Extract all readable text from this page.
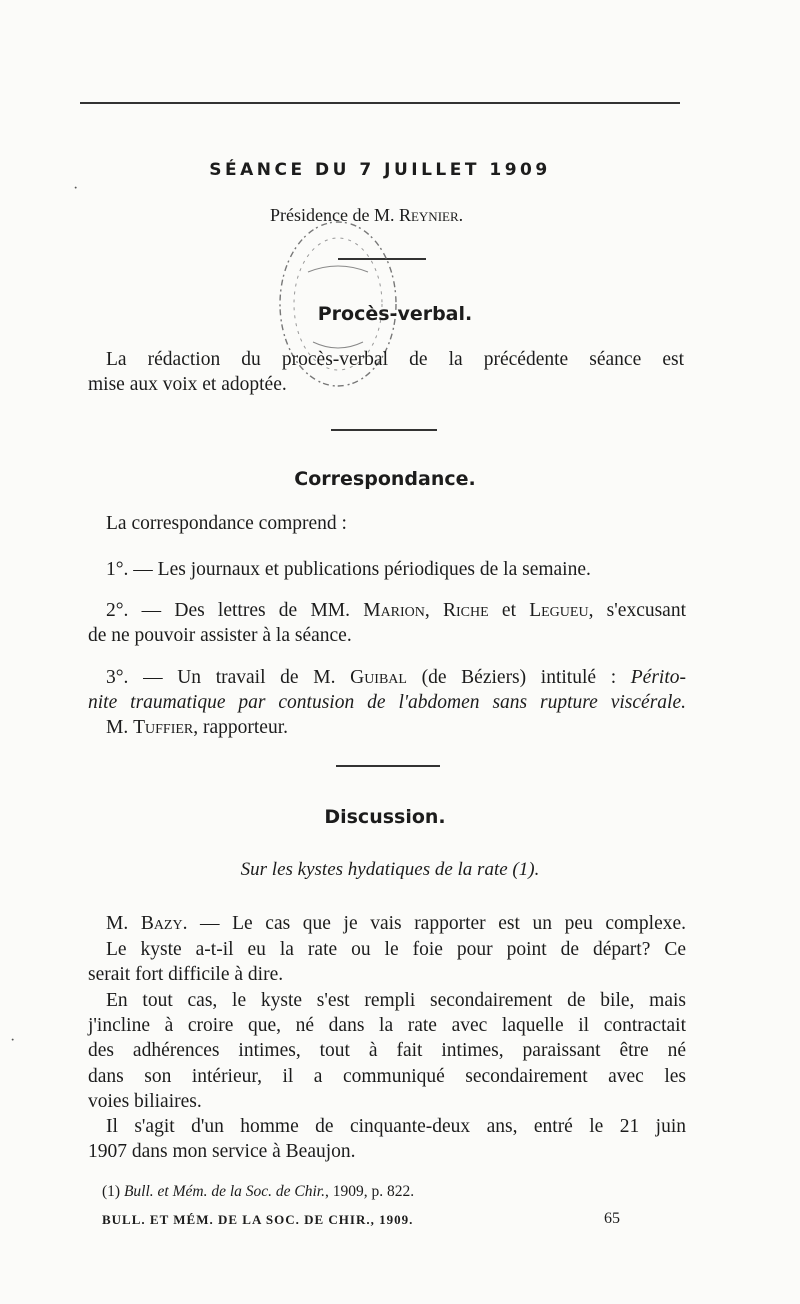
SÉANCE DU 7 JUILLET 1909
Présidence de M. Reynier.
Procès-verbal.
La rédaction du procès-verbal de la précédente séance est
mise aux voix et adoptée.
Correspondance.
La correspondance comprend :
1°. — Les journaux et publications périodiques de la semaine.
2°. — Des lettres de MM. Marion, Riche et Legueu, s'excusant
de ne pouvoir assister à la séance.
3°. — Un travail de M. Guibal (de Béziers) intitulé : Périto-
nite traumatique par contusion de l'abdomen sans rupture viscérale.
M. Tuffier, rapporteur.
Discussion.
Sur les kystes hydatiques de la rate (1).
M. Bazy. — Le cas que je vais rapporter est un peu complexe.
Le kyste a-t-il eu la rate ou le foie pour point de départ? Ce
serait fort difficile à dire.
En tout cas, le kyste s'est rempli secondairement de bile, mais
j'incline à croire que, né dans la rate avec laquelle il contractait
des adhérences intimes, tout à fait intimes, paraissant être né
dans son intérieur, il a communiqué secondairement avec les
voies biliaires.
Il s'agit d'un homme de cinquante-deux ans, entré le 21 juin
1907 dans mon service à Beaujon.
(1) Bull. et Mém. de la Soc. de Chir., 1909, p. 822.
BULL. ET MÉM. DE LA SOC. DE CHIR., 1909.	65
·
·
